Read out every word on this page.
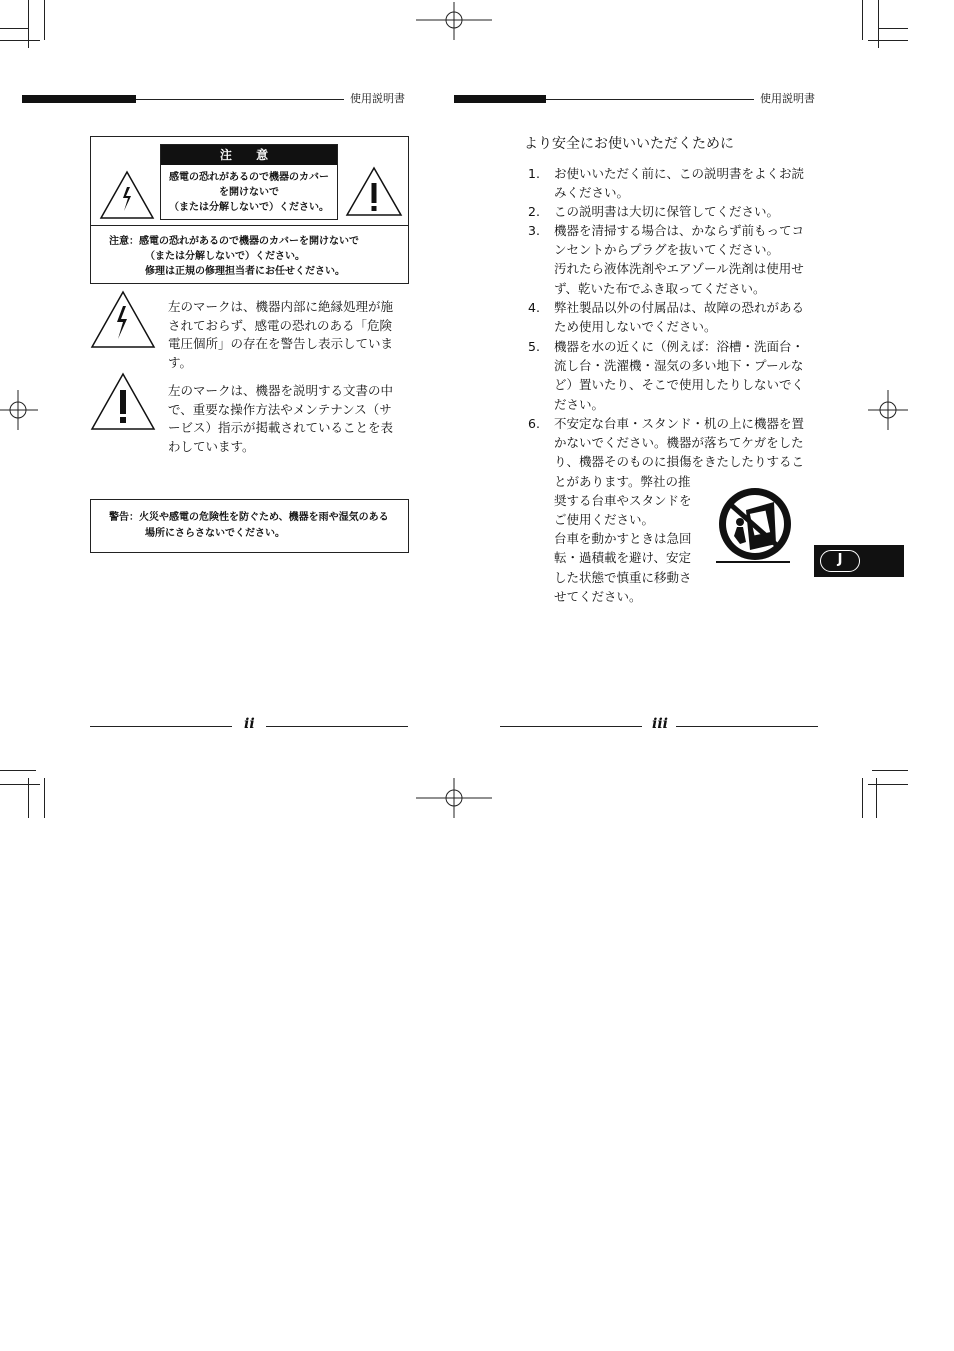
使用説明書	使用説明書
注 意
感電の恐れがあるので機器のカバー
を開けないで
（または分解しないで）ください。
注意：感電の恐れがあるので機器のカバーを開けないで
（または分解しないで）ください。
修理は正規の修理担当者にお任せください。
左のマークは、機器内部に絶縁処理が施
されておらず、感電の恐れのある「危険
電圧個所」の存在を警告し表示していま
す。
左のマークは、機器を説明する文書の中
で、重要な操作方法やメンテナンス（サ
ービス）指示が掲載されていることを表
わしています。
警告：火災や感電の危険性を防ぐため、機器を雨や湿気のある
場所にさらさないでください。
ii
より安全にお使いいただくために
1. お使いいただく前に、この説明書をよくお読
みください。
2. この説明書は大切に保管してください。
3. 機器を清掃する場合は、かならず前もってコ
ンセントからプラグを抜いてください。
汚れたら液体洗剤やエアゾール洗剤は使用せ
ず、乾いた布でふき取ってください。
4. 弊社製品以外の付属品は、故障の恐れがある
ため使用しないでください。
5. 機器を水の近くに（例えば：浴槽・洗面台・
流し台・洗濯機・湿気の多い地下・プールな
ど）置いたり、そこで使用したりしないでく
ださい。
6. 不安定な台車・スタンド・机の上に機器を置
かないでください。機器が落ちてケガをした
り、機器そのものに損傷をきたしたりするこ
とがあります。弊社の推
奨する台車やスタンドを
ご使用ください。
台車を動かすときは急回
転・過積載を避け、安定
した状態で慎重に移動さ
せてください。
J
iii
